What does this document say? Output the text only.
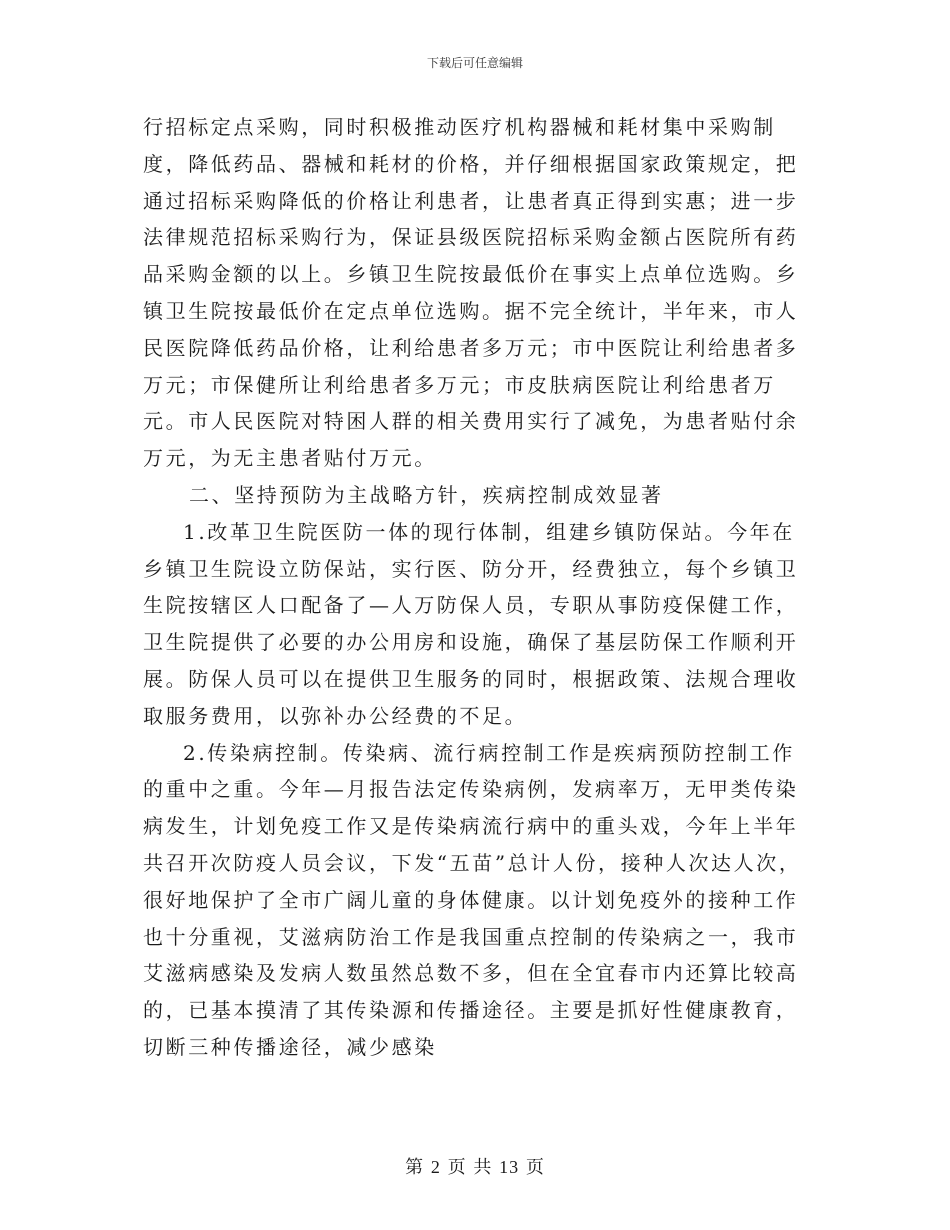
下载后可任意编辑

行招标定点采购，同时积极推动医疗机构器械和耗材集中采购制度，降低药品、器械和耗材的价格，并仔细根据国家政策规定，把通过招标采购降低的价格让利患者，让患者真正得到实惠；进一步法律规范招标采购行为，保证县级医院招标采购金额占医院所有药品采购金额的以上。乡镇卫生院按最低价在事实上点单位选购。乡镇卫生院按最低价在定点单位选购。据不完全统计，半年来，市人民医院降低药品价格，让利给患者多万元；市中医院让利给患者多万元；市保健所让利给患者多万元；市皮肤病医院让利给患者万元。市人民医院对特困人群的相关费用实行了减免，为患者贴付余万元，为无主患者贴付万元。

二、坚持预防为主战略方针，疾病控制成效显著

1.改革卫生院医防一体的现行体制，组建乡镇防保站。今年在乡镇卫生院设立防保站，实行医、防分开，经费独立，每个乡镇卫生院按辖区人口配备了—人万防保人员，专职从事防疫保健工作，卫生院提供了必要的办公用房和设施，确保了基层防保工作顺利开展。防保人员可以在提供卫生服务的同时，根据政策、法规合理收取服务费用，以弥补办公经费的不足。

2.传染病控制。传染病、流行病控制工作是疾病预防控制工作的重中之重。今年—月报告法定传染病例，发病率万，无甲类传染病发生，计划免疫工作又是传染病流行病中的重头戏，今年上半年共召开次防疫人员会议，下发“五苗”总计人份，接种人次达人次，很好地保护了全市广阔儿童的身体健康。以计划免疫外的接种工作也十分重视，艾滋病防治工作是我国重点控制的传染病之一，我市艾滋病感染及发病人数虽然总数不多，但在全宜春市内还算比较高的，已基本摸清了其传染源和传播途径。主要是抓好性健康教育，切断三种传播途径，减少感染

第 2 页 共 13 页
